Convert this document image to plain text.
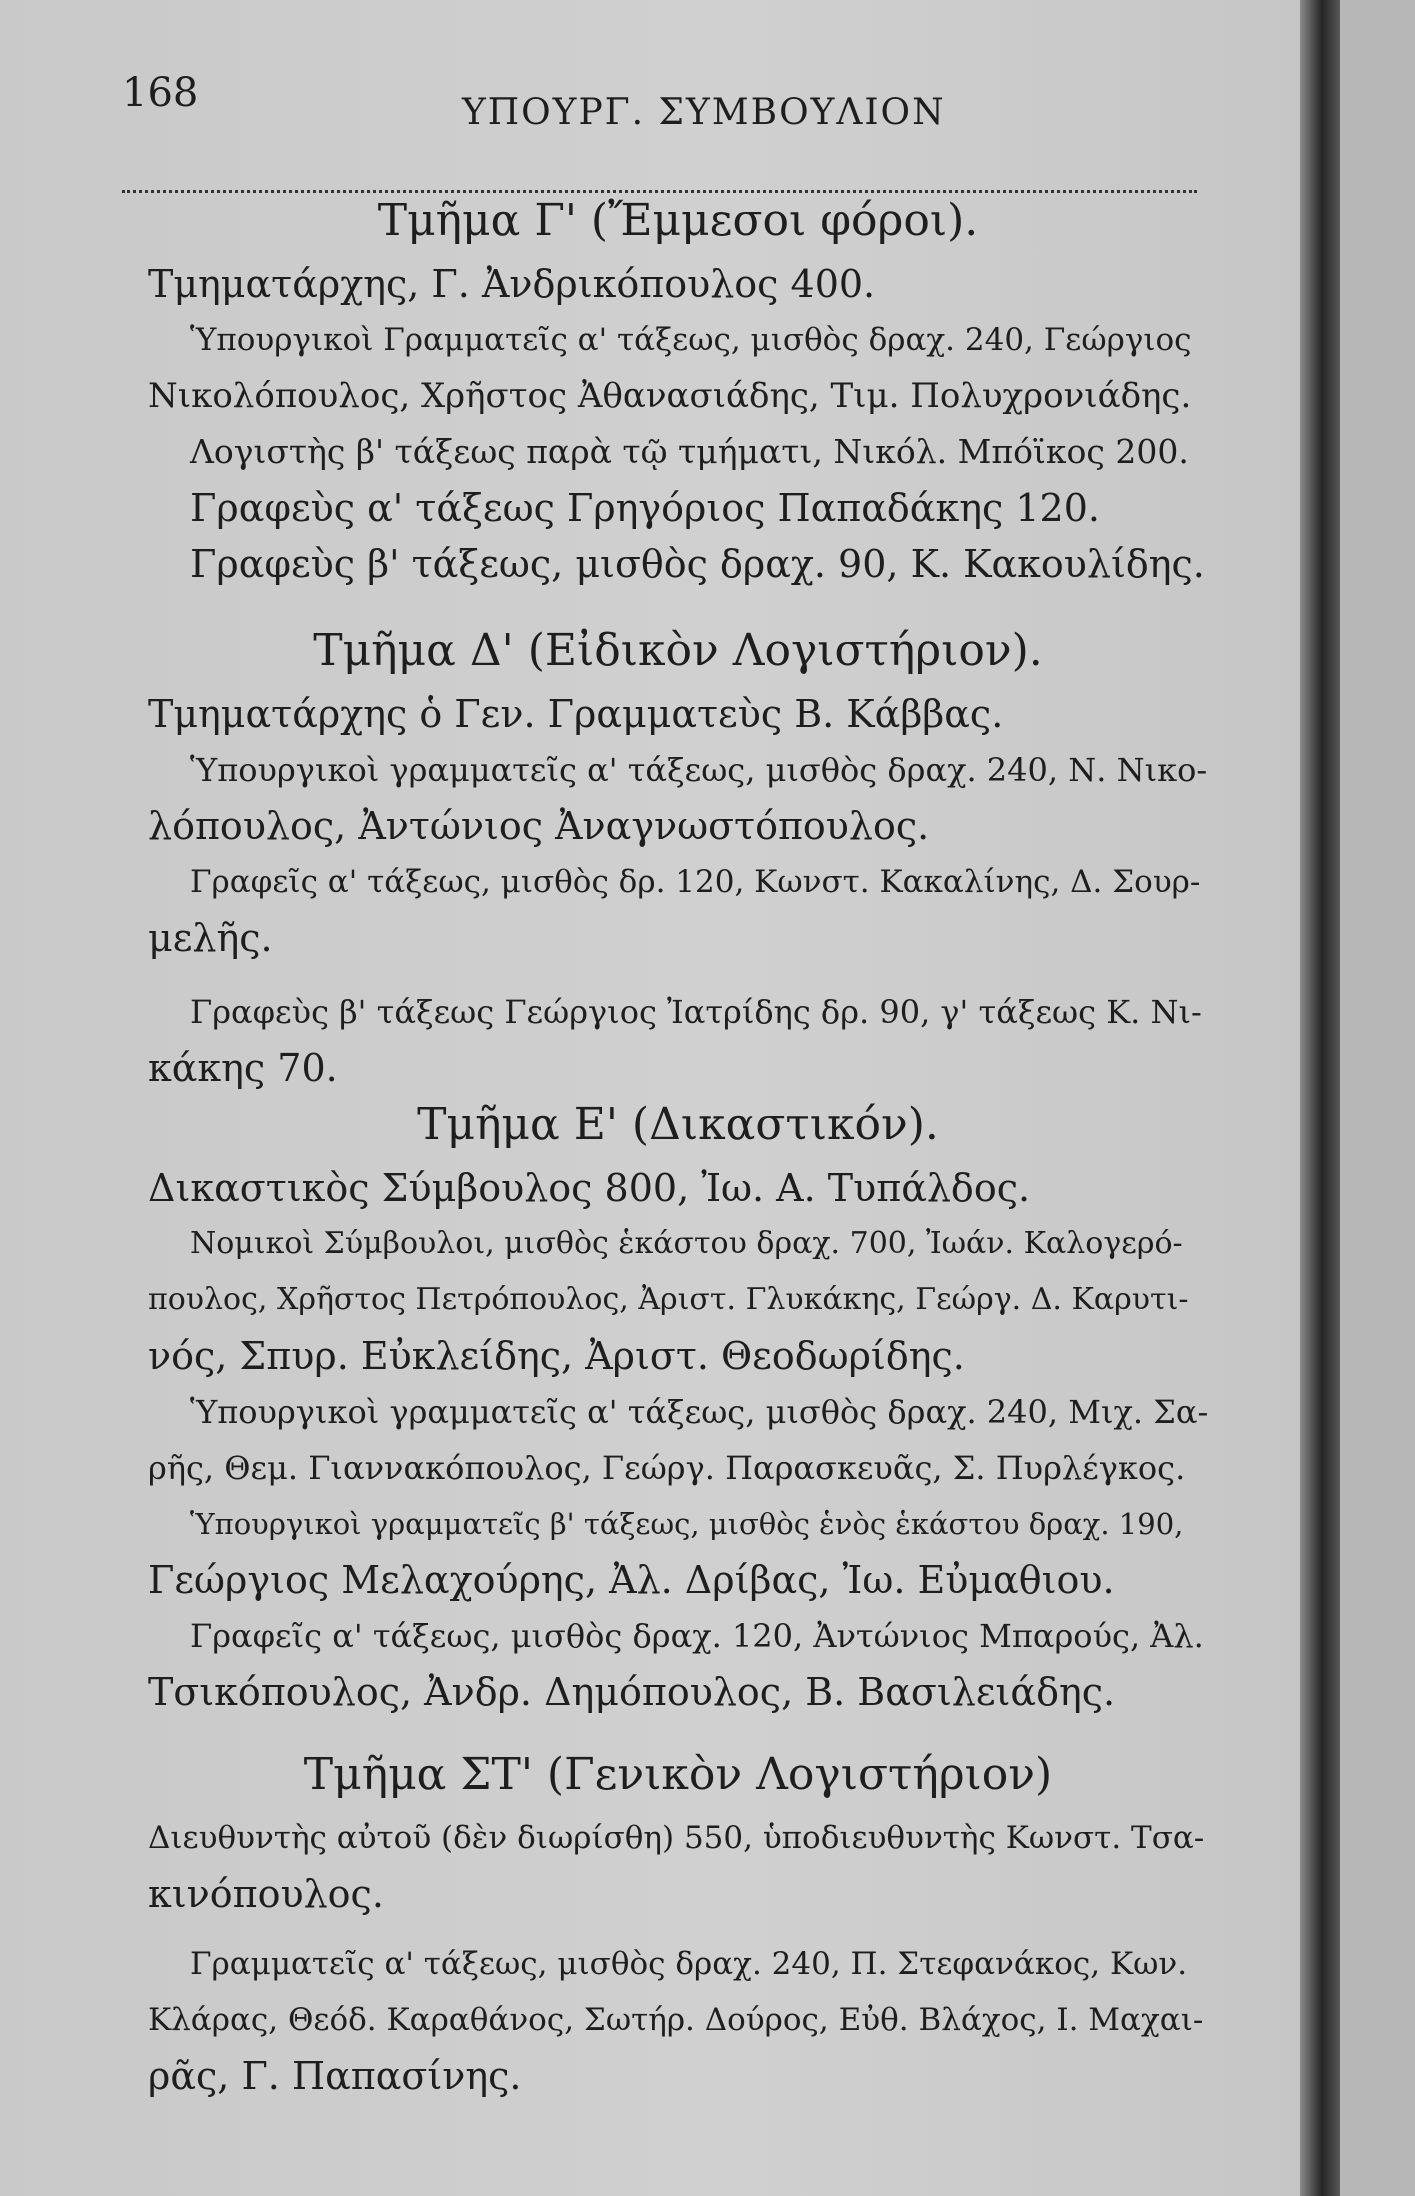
168	ΥΠΟΥΡΓ. ΣΥΜΒΟΥΛΙΟΝ
Τμῆμα Γ' (Ἔμμεσοι φόροι).
Τμηματάρχης, Γ. Ἀνδρικόπουλος 400.
Ὑπουργικοὶ Γραμματεῖς α' τάξεως, μισθὸς δραχ. 240, Γεώργιος
Νικολόπουλος, Χρῆστος Ἀθανασιάδης, Τιμ. Πολυχρονιάδης.
Λογιστὴς β' τάξεως παρὰ τῷ τμήματι, Νικόλ. Μπόϊκος 200.
Γραφεὺς α' τάξεως Γρηγόριος Παπαδάκης 120.
Γραφεὺς β' τάξεως, μισθὸς δραχ. 90, Κ. Κακουλίδης.
Τμῆμα Δ' (Εἰδικὸν Λογιστήριον).
Τμηματάρχης ὁ Γεν. Γραμματεὺς Β. Κάββας.
Ὑπουργικοὶ γραμματεῖς α' τάξεως, μισθὸς δραχ. 240, Ν. Νικο-
λόπουλος, Ἀντώνιος Ἀναγνωστόπουλος.
Γραφεῖς α' τάξεως, μισθὸς δρ. 120, Κωνστ. Κακαλίνης, Δ. Σουρ-
μελῆς.
Γραφεὺς β' τάξεως Γεώργιος Ἰατρίδης δρ. 90, γ' τάξεως Κ. Νι-
κάκης 70.
Τμῆμα Ε' (Δικαστικόν).
Δικαστικὸς Σύμβουλος 800, Ἰω. Α. Τυπάλδος.
Νομικοὶ Σύμβουλοι, μισθὸς ἑκάστου δραχ. 700, Ἰωάν. Καλογερό-
πουλος, Χρῆστος Πετρόπουλος, Ἀριστ. Γλυκάκης, Γεώργ. Δ. Καρυτι-
νός, Σπυρ. Εὐκλείδης, Ἀριστ. Θεοδωρίδης.
Ὑπουργικοὶ γραμματεῖς α' τάξεως, μισθὸς δραχ. 240, Μιχ. Σα-
ρῆς, Θεμ. Γιαννακόπουλος, Γεώργ. Παρασκευᾶς, Σ. Πυρλέγκος.
Ὑπουργικοὶ γραμματεῖς β' τάξεως, μισθὸς ἑνὸς ἑκάστου δραχ. 190,
Γεώργιος Μελαχούρης, Ἀλ. Δρίβας, Ἰω. Εὐμαθιου.
Γραφεῖς α' τάξεως, μισθὸς δραχ. 120, Ἀντώνιος Μπαρούς, Ἀλ.
Τσικόπουλος, Ἀνδρ. Δημόπουλος, Β. Βασιλειάδης.
Τμῆμα ΣΤ' (Γενικὸν Λογιστήριον)
Διευθυντὴς αὐτοῦ (δὲν διωρίσθη) 550, ὑποδιευθυντὴς Κωνστ. Τσα-
κινόπουλος.
Γραμματεῖς α' τάξεως, μισθὸς δραχ. 240, Π. Στεφανάκος, Κων.
Κλάρας, Θεόδ. Καραθάνος, Σωτήρ. Δούρος, Εὐθ. Βλάχος, Ι. Μαχαι-
ρᾶς, Γ. Παπασίνης.
